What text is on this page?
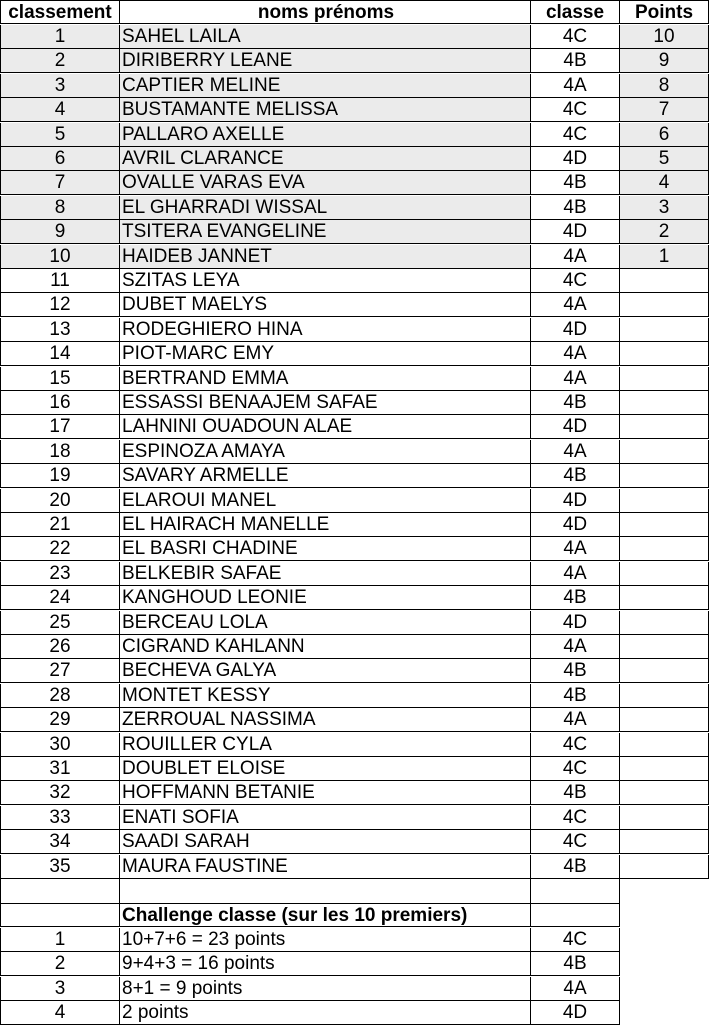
classement	noms prénoms	classe	Points
1	SAHEL LAILA	4C	10
2	DIRIBERRY LEANE	4B	9
3	CAPTIER MELINE	4A	8
4	BUSTAMANTE MELISSA	4C	7
5	PALLARO AXELLE	4C	6
6	AVRIL CLARANCE	4D	5
7	OVALLE VARAS EVA	4B	4
8	EL GHARRADI WISSAL	4B	3
9	TSITERA EVANGELINE	4D	2
10	HAIDEB JANNET	4A	1
11	SZITAS LEYA	4C
12	DUBET MAELYS	4A
13	RODEGHIERO HINA	4D
14	PIOT-MARC EMY	4A
15	BERTRAND EMMA	4A
16	ESSASSI BENAAJEM SAFAE	4B
17	LAHNINI OUADOUN ALAE	4D
18	ESPINOZA AMAYA	4A
19	SAVARY ARMELLE	4B
20	ELAROUI MANEL	4D
21	EL HAIRACH MANELLE	4D
22	EL BASRI CHADINE	4A
23	BELKEBIR SAFAE	4A
24	KANGHOUD LEONIE	4B
25	BERCEAU LOLA	4D
26	CIGRAND KAHLANN	4A
27	BECHEVA GALYA	4B
28	MONTET KESSY	4B
29	ZERROUAL NASSIMA	4A
30	ROUILLER CYLA	4C
31	DOUBLET ELOISE	4C
32	HOFFMANN BETANIE	4B
33	ENATI SOFIA	4C
34	SAADI SARAH	4C
35	MAURA FAUSTINE	4B
Challenge classe (sur les 10 premiers)
1	10+7+6 = 23 points	4C
2	9+4+3 = 16 points	4B
3	8+1 = 9 points	4A
4	2 points	4D
